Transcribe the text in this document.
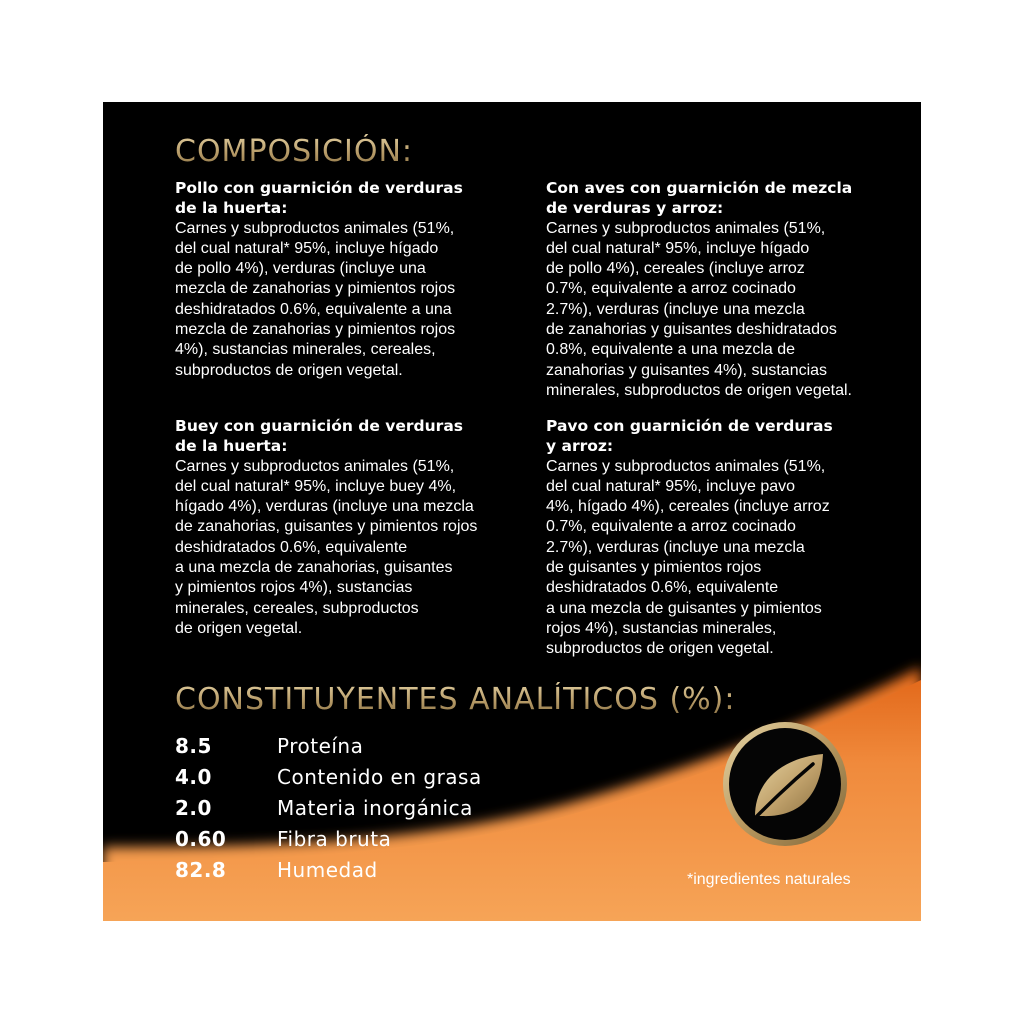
COMPOSICIÓN:
Pollo con guarnición de verduras
de la huerta:
Carnes y subproductos animales (51%,
del cual natural* 95%, incluye hígado
de pollo 4%), verduras (incluye una
mezcla de zanahorias y pimientos rojos
deshidratados 0.6%, equivalente a una
mezcla de zanahorias y pimientos rojos
4%), sustancias minerales, cereales,
subproductos de origen vegetal.
Con aves con guarnición de mezcla
de verduras y arroz:
Carnes y subproductos animales (51%,
del cual natural* 95%, incluye hígado
de pollo 4%), cereales (incluye arroz
0.7%, equivalente a arroz cocinado
2.7%), verduras (incluye una mezcla
de zanahorias y guisantes deshidratados
0.8%, equivalente a una mezcla de
zanahorias y guisantes 4%), sustancias
minerales, subproductos de origen vegetal.
Buey con guarnición de verduras
de la huerta:
Carnes y subproductos animales (51%,
del cual natural* 95%, incluye buey 4%,
hígado 4%), verduras (incluye una mezcla
de zanahorias, guisantes y pimientos rojos
deshidratados 0.6%, equivalente
a una mezcla de zanahorias, guisantes
y pimientos rojos 4%), sustancias
minerales, cereales, subproductos
de origen vegetal.
Pavo con guarnición de verduras
y arroz:
Carnes y subproductos animales (51%,
del cual natural* 95%, incluye pavo
4%, hígado 4%), cereales (incluye arroz
0.7%, equivalente a arroz cocinado
2.7%), verduras (incluye una mezcla
de guisantes y pimientos rojos
deshidratados 0.6%, equivalente
a una mezcla de guisantes y pimientos
rojos 4%), sustancias minerales,
subproductos de origen vegetal.
CONSTITUYENTES ANALÍTICOS (%):
8.5	Proteína
4.0	Contenido en grasa
2.0	Materia inorgánica
0.60	Fibra bruta
82.8	Humedad	*ingredientes naturales
